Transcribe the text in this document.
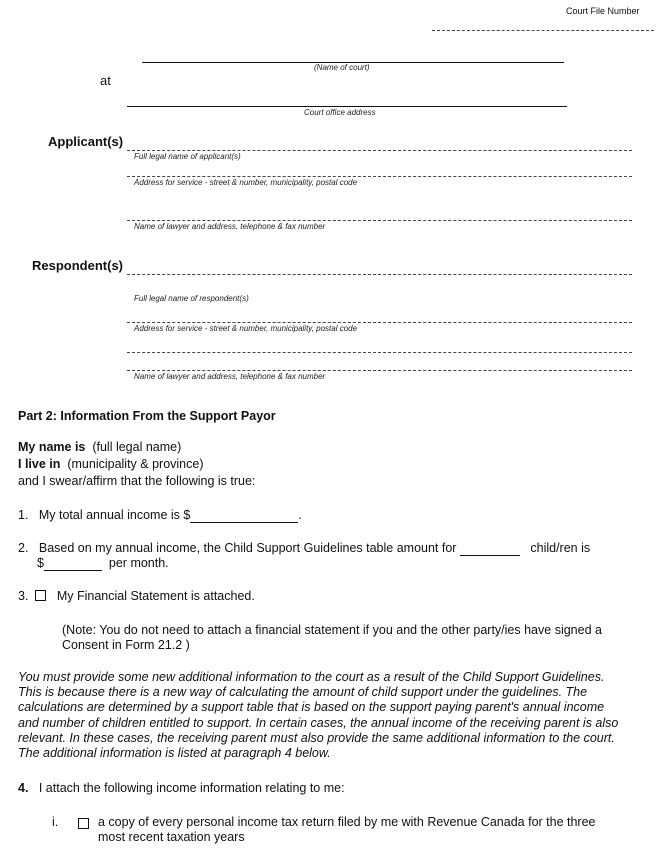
Court File Number
(Name of court)
at
Court office address
Applicant(s)
Full legal name of applicant(s)
Address for service - street & number, municipality, postal code
Name of lawyer and address, telephone & fax number
Respondent(s)
Full legal name of respondent(s)
Address for service - street & number, municipality, postal code
Name of lawyer and address, telephone & fax number
Part 2: Information From the Support Payor
My name is (full legal name)
I live in (municipality & province)
and I swear/affirm that the following is true:
1. My total annual income is $	.
2. Based on my annual income, the Child Support Guidelines table amount for	child/ren is
$	per month.
3. My Financial Statement is attached.
(Note: You do not need to attach a financial statement if you and the other party/ies have signed a
Consent in Form 21.2 )
You must provide some new additional information to the court as a result of the Child Support Guidelines.
This is because there is a new way of calculating the amount of child support under the guidelines. The
calculations are determined by a support table that is based on the support paying parent's annual income
and number of children entitled to support. In certain cases, the annual income of the receiving parent is also
relevant. In these cases, the receiving parent must also provide the same additional information to the court.
The additional information is listed at paragraph 4 below.
4. I attach the following income information relating to me:
i.	a copy of every personal income tax return filed by me with Revenue Canada for the three
most recent taxation years
